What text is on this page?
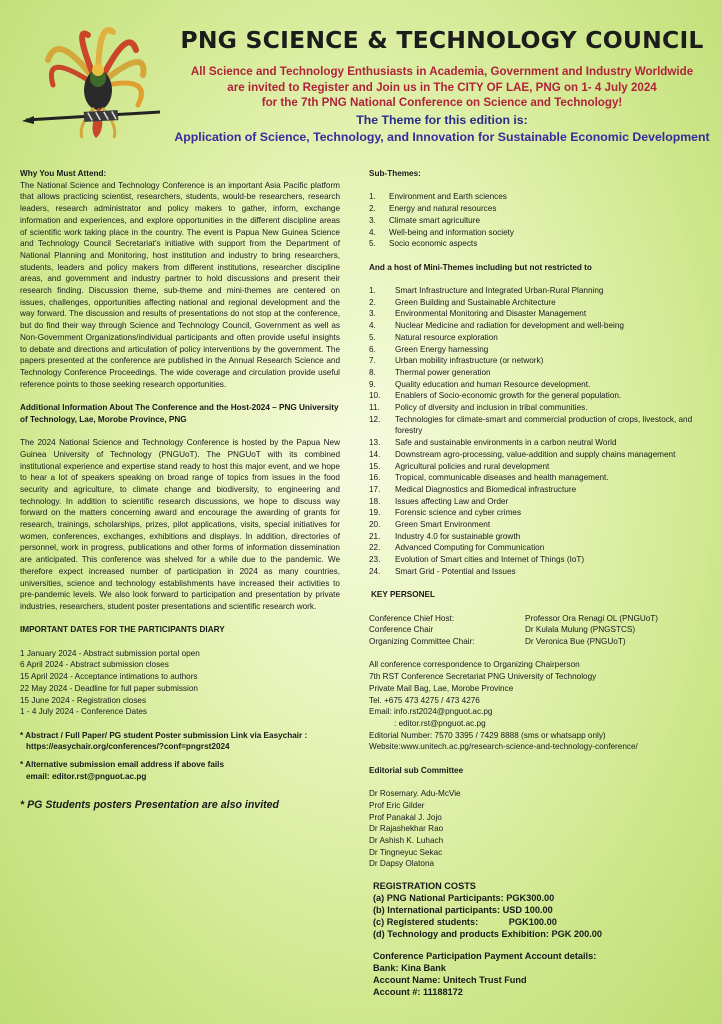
PNG SCIENCE & TECHNOLOGY COUNCIL
All Science and Technology Enthusiasts in Academia, Government and Industry Worldwide
are invited to Register and Join us in The CITY OF LAE, PNG on 1- 4 July 2024
for the 7th PNG National Conference on Science and Technology!
The Theme for this edition is:
Application of Science, Technology, and Innovation for Sustainable Economic Development
Why You Must Attend:

The National Science and Technology Conference is an important Asia Pacific platform that allows practicing scientist, researchers, students, would-be researchers, research leaders, research administrator and policy makers to gather, inform, exchange information and experiences, and explore opportunities in the different discipline areas of scientific work taking place in the country. The event is Papua New Guinea Science and Technology Council Secretariat's initiative with support from the Department of National Planning and Monitoring, host institution and industry to bring researchers, students, leaders and policy makers from different institutions, researcher discipline areas, and government and industry partner to hold discussions and present their research finding. Discussion theme, sub-theme and mini-themes are centered on issues, challenges, opportunities affecting national and regional development and the way forward. The discussion and results of presentations do not stop at the conference, but do find their way through Science and Technology Council, Government as well as Non-Government Organizations/individual participants and often provide useful insights to debate and directions and articulation of policy interventions by the government. The papers presented at the conference are published in the Annual Research Science and Technology Conference Proceedings. The wide coverage and circulation provide useful reference points to those seeking research opportunities.

Additional Information About The Conference and the Host-2024 – PNG University of Technology, Lae, Morobe Province, PNG

The 2024 National Science and Technology Conference is hosted by the Papua New Guinea University of Technology (PNGUoT). The PNGUoT with its combined institutional experience and expertise stand ready to host this major event, and we hope to hear a lot of speakers speaking on broad range of topics from issues in the food security and agriculture, to climate change and biodiversity, to engineering and technology. In addition to scientific research discussions, we hope to discuss way forward on the matters concerning award and encourage the awarding of grants for research, trainings, scholarships, prizes, pilot applications, visits, special initiatives for women, conferences, exchanges, exhibitions and displays. In addition, directories of personnel, work in progress, publications and other forms of information dissemination are anticipated. This conference was shelved for a while due to the pandemic. We therefore expect increased number of participation in 2024 as many countries, universities, science and technology establishments have increased their activities to pre-pandemic levels. We also look forward to participation and presentation by private industries, researchers, student poster presentations and scientific research work.

IMPORTANT DATES FOR THE PARTICIPANTS DIARY
1 January 2024 - Abstract submission portal open
6 April 2024 - Abstract submission closes
15 April 2024 - Acceptance intimations to authors
22 May 2024 - Deadline for full paper submission
15 June 2024 - Registration closes
1 - 4 July 2024 - Conference Dates
* Abstract / Full Paper/ PG student Poster submission Link via Easychair :
https://easychair.org/conferences/?conf=pngrst2024
* Alternative submission email address if above fails
email: editor.rst@pnguot.ac.pg
* PG Students posters Presentation are also invited
Sub-Themes:
1.	Environment and Earth sciences
2.	Energy and natural resources
3.	Climate smart agriculture
4.	Well-being and information society
5.	Socio economic aspects
And a host of Mini-Themes including but not restricted to
1.	Smart Infrastructure and Integrated Urban-Rural Planning
2.	Green Building and Sustainable Architecture
3.	Environmental Monitoring and Disaster Management
4.	Nuclear Medicine and radiation for development and well-being
5.	Natural resource exploration
6.	Green Energy harnessing
7.	Urban mobility infrastructure (or network)
8.	Thermal power generation
9.	Quality education and human Resource development.
10.	Enablers of Socio-economic growth for the general population.
11.	Policy of diversity and inclusion in tribal communities.
12.	Technologies for climate-smart and commercial production of crops, livestock, and forestry
13.	Safe and sustainable environments in a carbon neutral World
14.	Downstream agro-processing, value-addition and supply chains management
15.	Agricultural policies and rural development
16.	Tropical, communicable diseases and health management.
17.	Medical Diagnostics and Biomedical infrastructure
18.	Issues affecting Law and Order
19.	Forensic science and cyber crimes
20.	Green Smart Environment
21.	Industry 4.0 for sustainable growth
22.	Advanced Computing for Communication
23.	Evolution of Smart cities and Internet of Things (IoT)
24.	Smart Grid - Potential and Issues
KEY PERSONEL
Conference Chief Host:	Professor Ora Renagi OL (PNGUoT)
Conference Chair	Dr Kulala Mulung (PNGSTCS)
Organizing Committee Chair:	Dr Veronica Bue (PNGUoT)
All conference correspondence to Organizing Chairperson
7th RST Conference Secretariat PNG University of Technology
Private Mail Bag, Lae, Morobe Province
Tel. +675 473 4275 / 473 4276
Email: info.rst2024@pnguot.ac.pg
: editor.rst@pnguot.ac.pg
Editorial Number: 7570 3395 / 7429 8888 (sms or whatsapp only)
Website:www.unitech.ac.pg/research-science-and-technology-conference/
Editorial sub Committee
Dr Rosemary. Adu-McVie
Prof Eric Gilder
Prof Panakal J. Jojo
Dr Rajashekhar Rao
Dr Ashish K. Luhach
Dr Tingneyuc Sekac
Dr Dapsy Olatona
REGISTRATION COSTS
(a) PNG National Participants: PGK300.00
(b) International participants: USD 100.00
(c) Registered students:            PGK100.00
(d) Technology and products Exhibition: PGK 200.00
Conference Participation Payment Account details:
Bank: Kina Bank
Account Name: Unitech Trust Fund
Account #: 11188172
